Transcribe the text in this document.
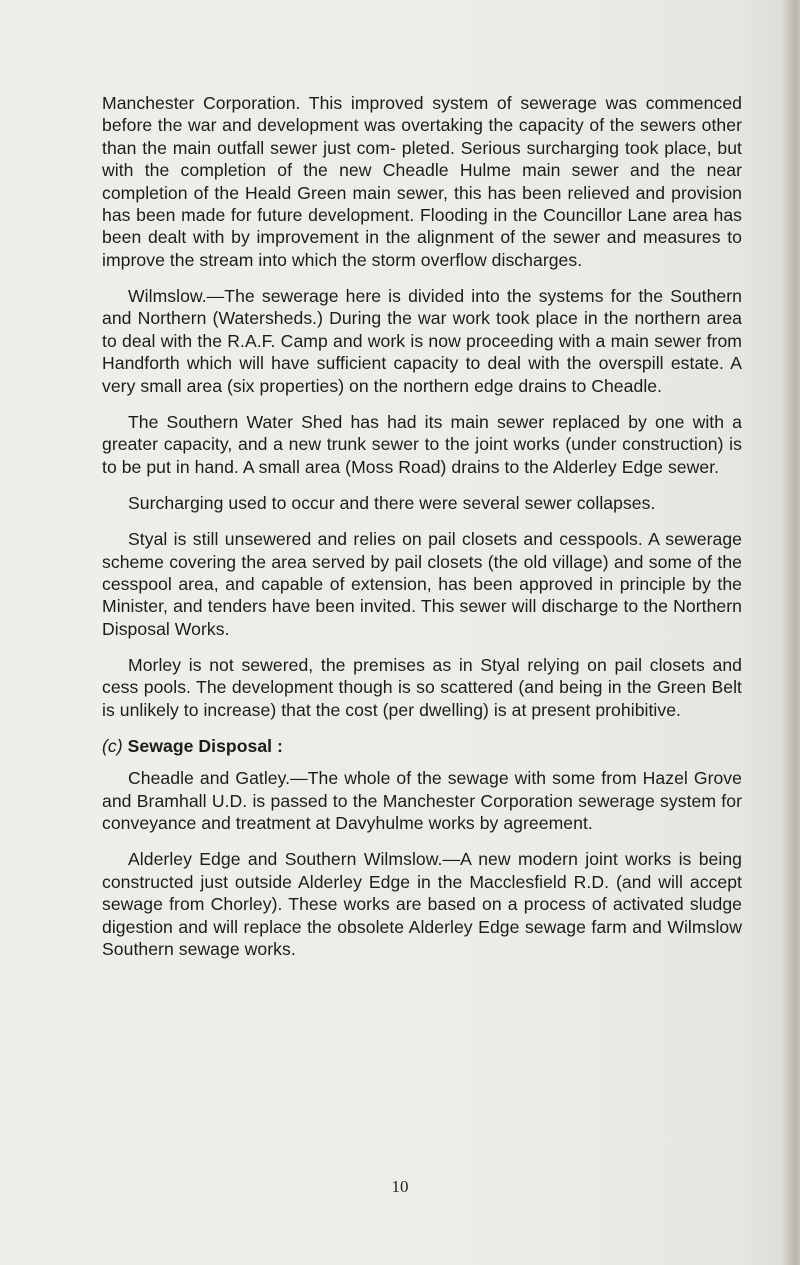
Manchester Corporation. This improved system of sewerage was commenced before the war and development was overtaking the capacity of the sewers other than the main outfall sewer just com- pleted. Serious surcharging took place, but with the completion of the new Cheadle Hulme main sewer and the near completion of the Heald Green main sewer, this has been relieved and provision has been made for future development. Flooding in the Councillor Lane area has been dealt with by improvement in the alignment of the sewer and measures to improve the stream into which the storm overflow discharges.

Wilmslow.—The sewerage here is divided into the systems for the Southern and Northern (Watersheds.) During the war work took place in the northern area to deal with the R.A.F. Camp and work is now proceeding with a main sewer from Handforth which will have sufficient capacity to deal with the overspill estate. A very small area (six properties) on the northern edge drains to Cheadle.

The Southern Water Shed has had its main sewer replaced by one with a greater capacity, and a new trunk sewer to the joint works (under construction) is to be put in hand. A small area (Moss Road) drains to the Alderley Edge sewer.

Surcharging used to occur and there were several sewer collapses.

Styal is still unsewered and relies on pail closets and cesspools. A sewerage scheme covering the area served by pail closets (the old village) and some of the cesspool area, and capable of extension, has been approved in principle by the Minister, and tenders have been invited. This sewer will discharge to the Northern Disposal Works.

Morley is not sewered, the premises as in Styal relying on pail closets and cess pools. The development though is so scattered (and being in the Green Belt is unlikely to increase) that the cost (per dwelling) is at present prohibitive.

(c) Sewage Disposal :

Cheadle and Gatley.—The whole of the sewage with some from Hazel Grove and Bramhall U.D. is passed to the Manchester Corporation sewerage system for conveyance and treatment at Davyhulme works by agreement.

Alderley Edge and Southern Wilmslow.—A new modern joint works is being constructed just outside Alderley Edge in the Macclesfield R.D. (and will accept sewage from Chorley). These works are based on a process of activated sludge digestion and will replace the obsolete Alderley Edge sewage farm and Wilmslow Southern sewage works.

10
